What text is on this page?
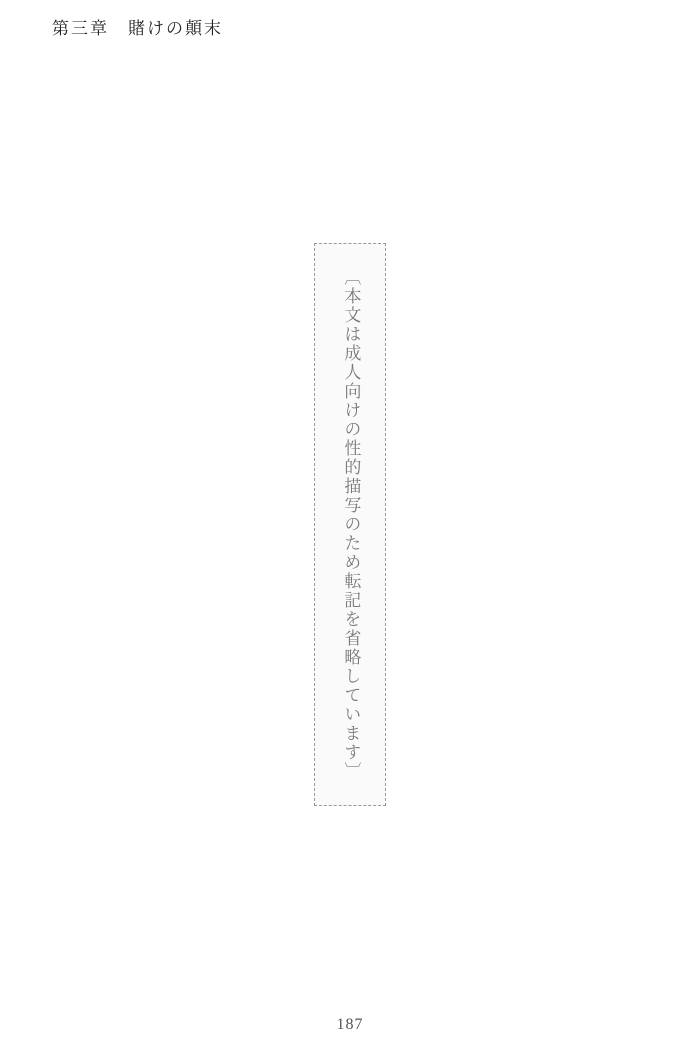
第三章　賭けの顛末
〔本文は成人向けの性的描写のため転記を省略しています〕
187
